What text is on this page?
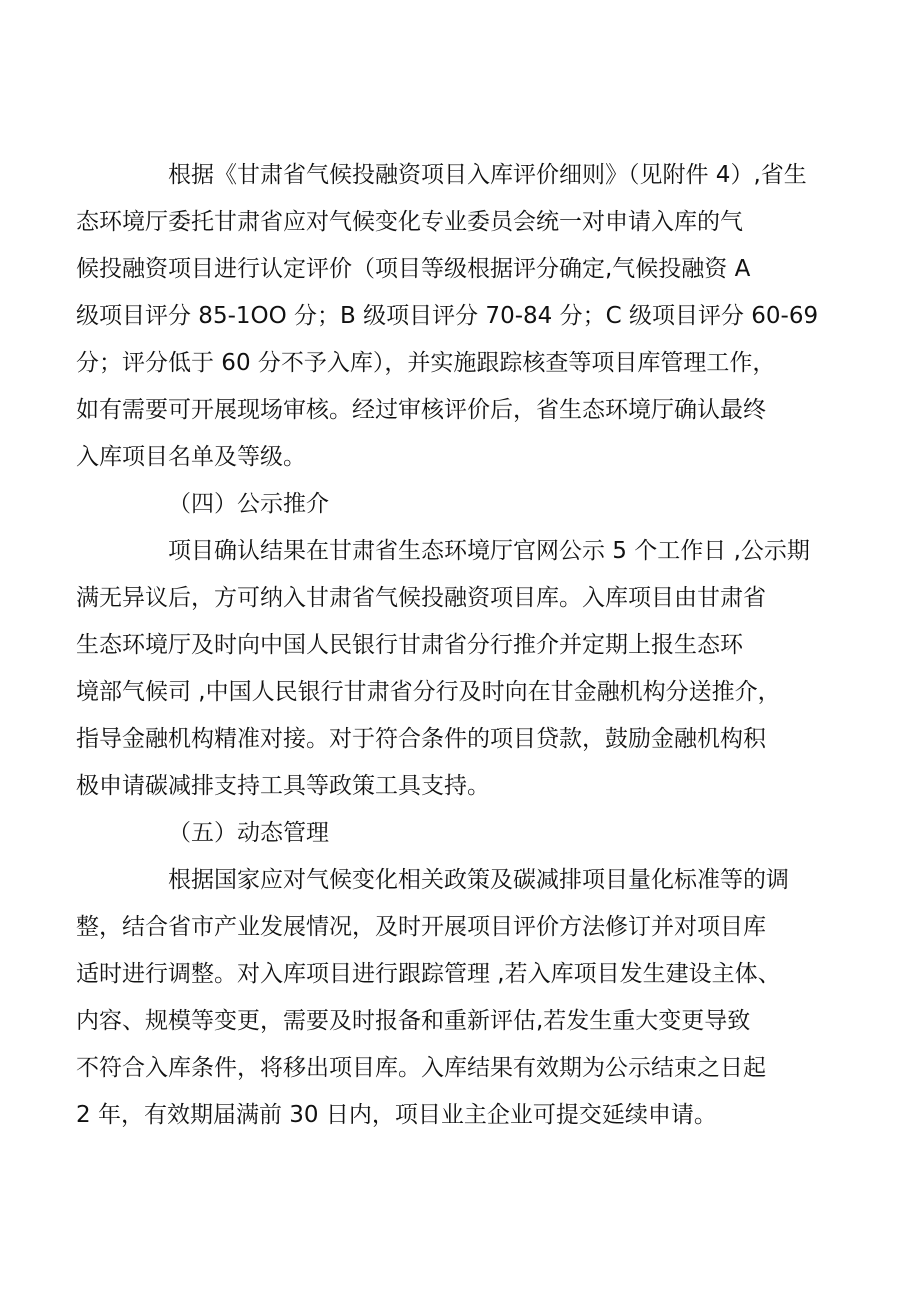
根据《甘肃省气候投融资项目入库评价细则》（见附件 4）,省生
态环境厅委托甘肃省应对气候变化专业委员会统一对申请入库的气
候投融资项目进行认定评价（项目等级根据评分确定,气候投融资 A
级项目评分 85-1OO 分；B 级项目评分 70-84 分；C 级项目评分 60-69
分；评分低于 60 分不予入库），并实施跟踪核查等项目库管理工作，
如有需要可开展现场审核。经过审核评价后，省生态环境厅确认最终
入库项目名单及等级。
（四）公示推介
项目确认结果在甘肃省生态环境厅官网公示 5 个工作日 ,公示期
满无异议后，方可纳入甘肃省气候投融资项目库。入库项目由甘肃省
生态环境厅及时向中国人民银行甘肃省分行推介并定期上报生态环
境部气候司 ,中国人民银行甘肃省分行及时向在甘金融机构分送推介，
指导金融机构精准对接。对于符合条件的项目贷款，鼓励金融机构积
极申请碳减排支持工具等政策工具支持。
（五）动态管理
根据国家应对气候变化相关政策及碳减排项目量化标准等的调
整，结合省市产业发展情况，及时开展项目评价方法修订并对项目库
适时进行调整。对入库项目进行跟踪管理 ,若入库项目发生建设主体、
内容、规模等变更，需要及时报备和重新评估,若发生重大变更导致
不符合入库条件，将移出项目库。入库结果有效期为公示结束之日起
2 年，有效期届满前 30 日内，项目业主企业可提交延续申请。
